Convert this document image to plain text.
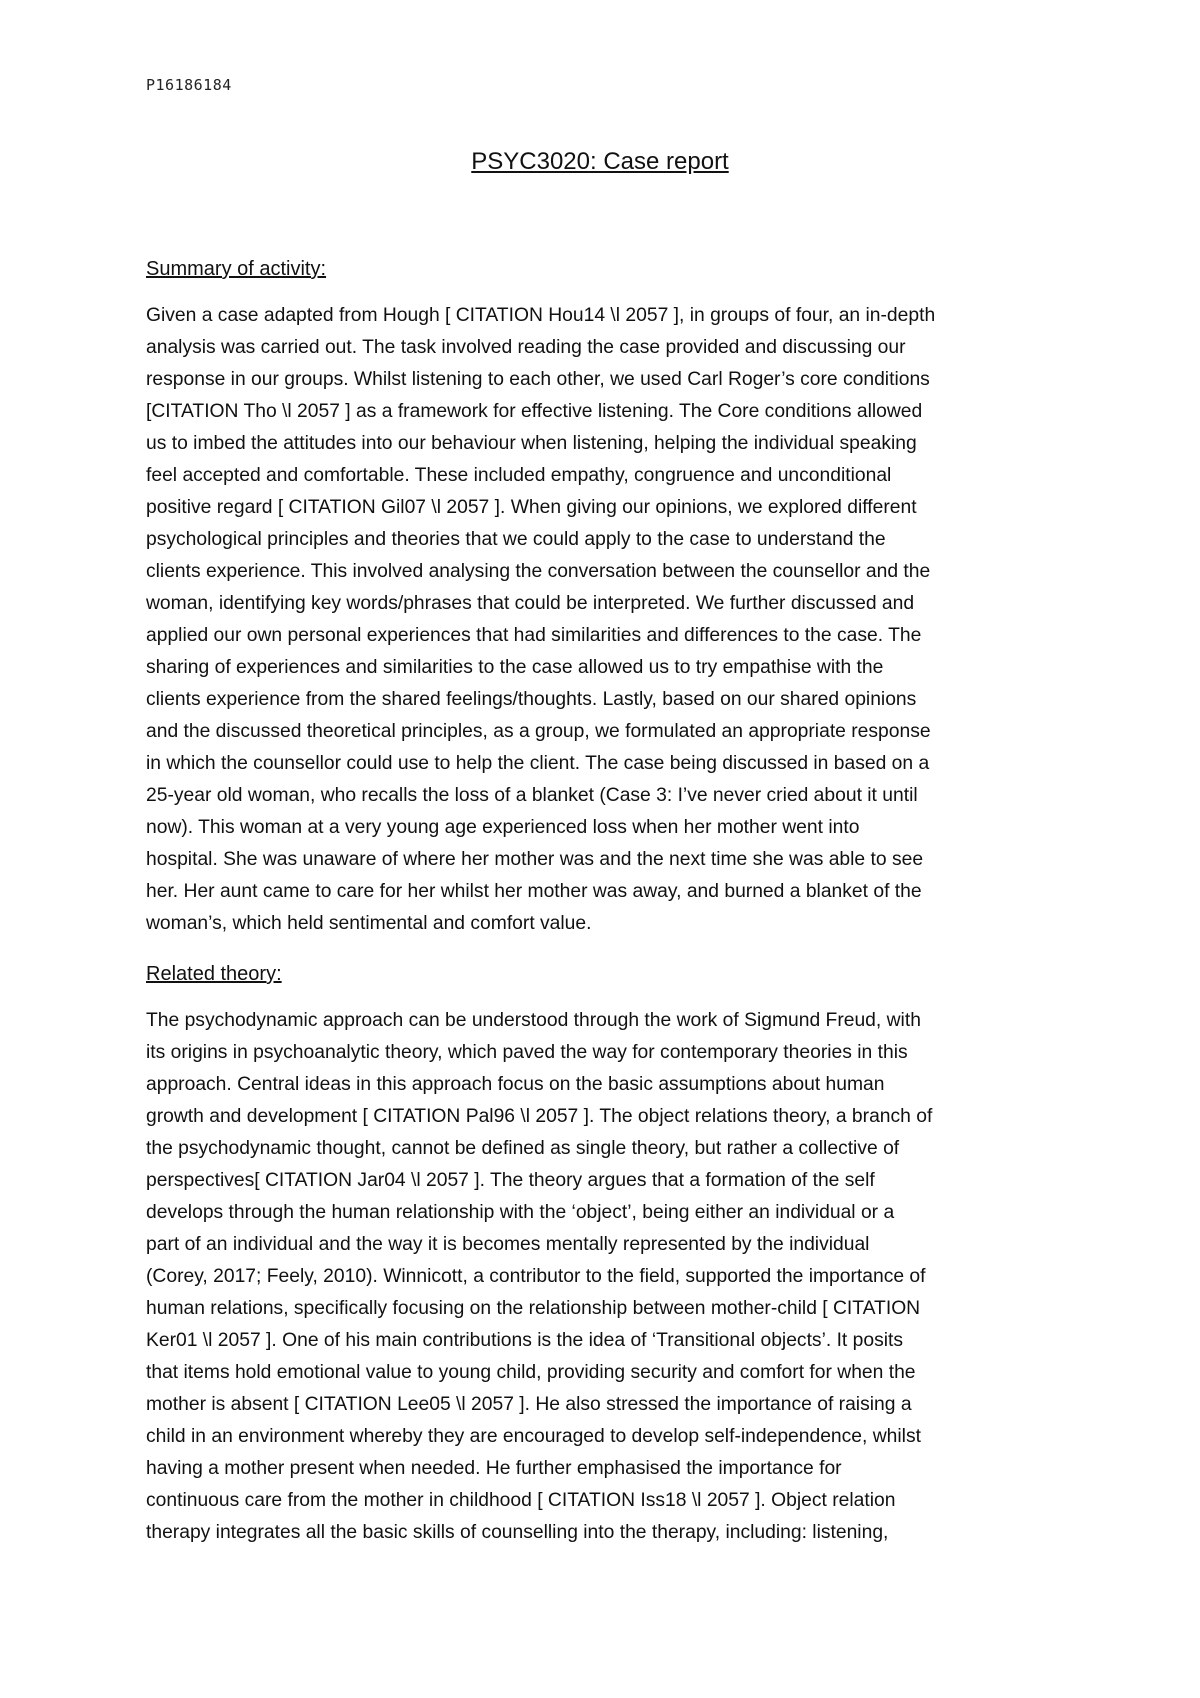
P16186184
PSYC3020: Case report
Summary of activity:
Given a case adapted from Hough [ CITATION Hou14 \l 2057 ], in groups of four, an in-depth
analysis was carried out. The task involved reading the case provided and discussing our
response in our groups. Whilst listening to each other, we used Carl Roger’s core conditions
[CITATION Tho \l 2057 ] as a framework for effective listening. The Core conditions allowed
us to imbed the attitudes into our behaviour when listening, helping the individual speaking
feel accepted and comfortable. These included empathy, congruence and unconditional
positive regard [ CITATION Gil07 \l 2057 ]. When giving our opinions, we explored different
psychological principles and theories that we could apply to the case to understand the
clients experience. This involved analysing the conversation between the counsellor and the
woman, identifying key words/phrases that could be interpreted. We further discussed and
applied our own personal experiences that had similarities and differences to the case. The
sharing of experiences and similarities to the case allowed us to try empathise with the
clients experience from the shared feelings/thoughts. Lastly, based on our shared opinions
and the discussed theoretical principles, as a group, we formulated an appropriate response
in which the counsellor could use to help the client. The case being discussed in based on a
25-year old woman, who recalls the loss of a blanket (Case 3: I’ve never cried about it until
now). This woman at a very young age experienced loss when her mother went into
hospital. She was unaware of where her mother was and the next time she was able to see
her. Her aunt came to care for her whilst her mother was away, and burned a blanket of the
woman’s, which held sentimental and comfort value.
Related theory:
The psychodynamic approach can be understood through the work of Sigmund Freud, with
its origins in psychoanalytic theory, which paved the way for contemporary theories in this
approach. Central ideas in this approach focus on the basic assumptions about human
growth and development [ CITATION Pal96 \l 2057 ]. The object relations theory, a branch of
the psychodynamic thought, cannot be defined as single theory, but rather a collective of
perspectives[ CITATION Jar04 \l 2057 ]. The theory argues that a formation of the self
develops through the human relationship with the ‘object’, being either an individual or a
part of an individual and the way it is becomes mentally represented by the individual
(Corey, 2017; Feely, 2010). Winnicott, a contributor to the field, supported the importance of
human relations, specifically focusing on the relationship between mother-child [ CITATION
Ker01 \l 2057 ]. One of his main contributions is the idea of ‘Transitional objects’. It posits
that items hold emotional value to young child, providing security and comfort for when the
mother is absent [ CITATION Lee05 \l 2057 ]. He also stressed the importance of raising a
child in an environment whereby they are encouraged to develop self-independence, whilst
having a mother present when needed. He further emphasised the importance for
continuous care from the mother in childhood [ CITATION Iss18 \l 2057 ]. Object relation
therapy integrates all the basic skills of counselling into the therapy, including: listening,
